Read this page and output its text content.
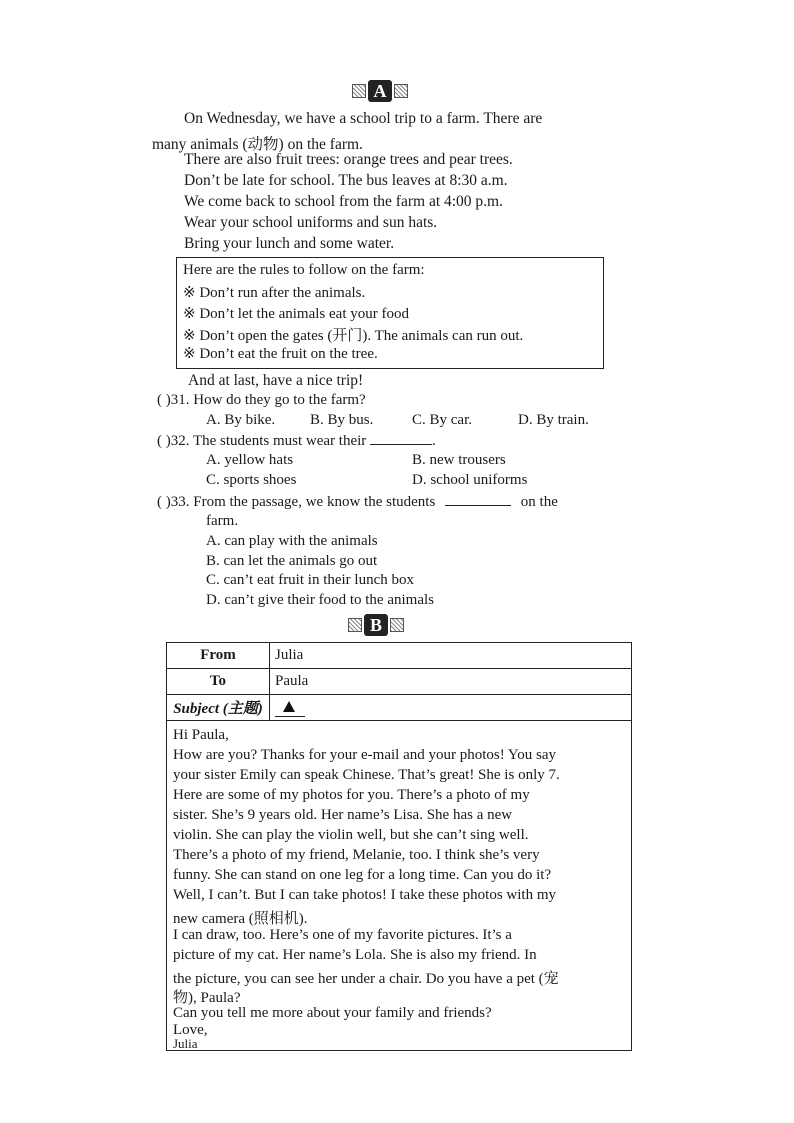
A
On Wednesday, we have a school trip to a farm. There are
many animals (动物) on the farm.
There are also fruit trees: orange trees and pear trees.
Don’t be late for school. The bus leaves at 8:30 a.m.
We come back to school from the farm at 4:00 p.m.
Wear your school uniforms and sun hats.
Bring your lunch and some water.
Here are the rules to follow on the farm:
※ Don’t run after the animals.
※ Don’t let the animals eat your food
※ Don’t open the gates (开门). The animals can run out.
※ Don’t eat the fruit on the tree.
And at last, have a nice trip!
( )31. How do they go to the farm?
A. By bike. B. By bus.	C. By car.	D. By train.
( )32. The students must wear their	.
A. yellow hats	B. new trousers
C. sports shoes	D. school uniforms
( )33. From the passage, we know the students	on the
farm.
A. can play with the animals
B. can let the animals go out
C. can’t eat fruit in their lunch box
D. can’t give their food to the animals
B
From	Julia
To	Paula
Subject (主题)
Hi Paula,
How are you? Thanks for your e-mail and your photos! You say
your sister Emily can speak Chinese. That’s great! She is only 7.
Here are some of my photos for you. There’s a photo of my
sister. She’s 9 years old. Her name’s Lisa. She has a new
violin. She can play the violin well, but she can’t sing well.
There’s a photo of my friend, Melanie, too. I think she’s very
funny. She can stand on one leg for a long time. Can you do it?
Well, I can’t. But I can take photos! I take these photos with my
new camera (照相机).
I can draw, too. Here’s one of my favorite pictures. It’s a
picture of my cat. Her name’s Lola. She is also my friend. In
the picture, you can see her under a chair. Do you have a pet (宠
物), Paula?
Can you tell me more about your family and friends?
Love,
Julia
